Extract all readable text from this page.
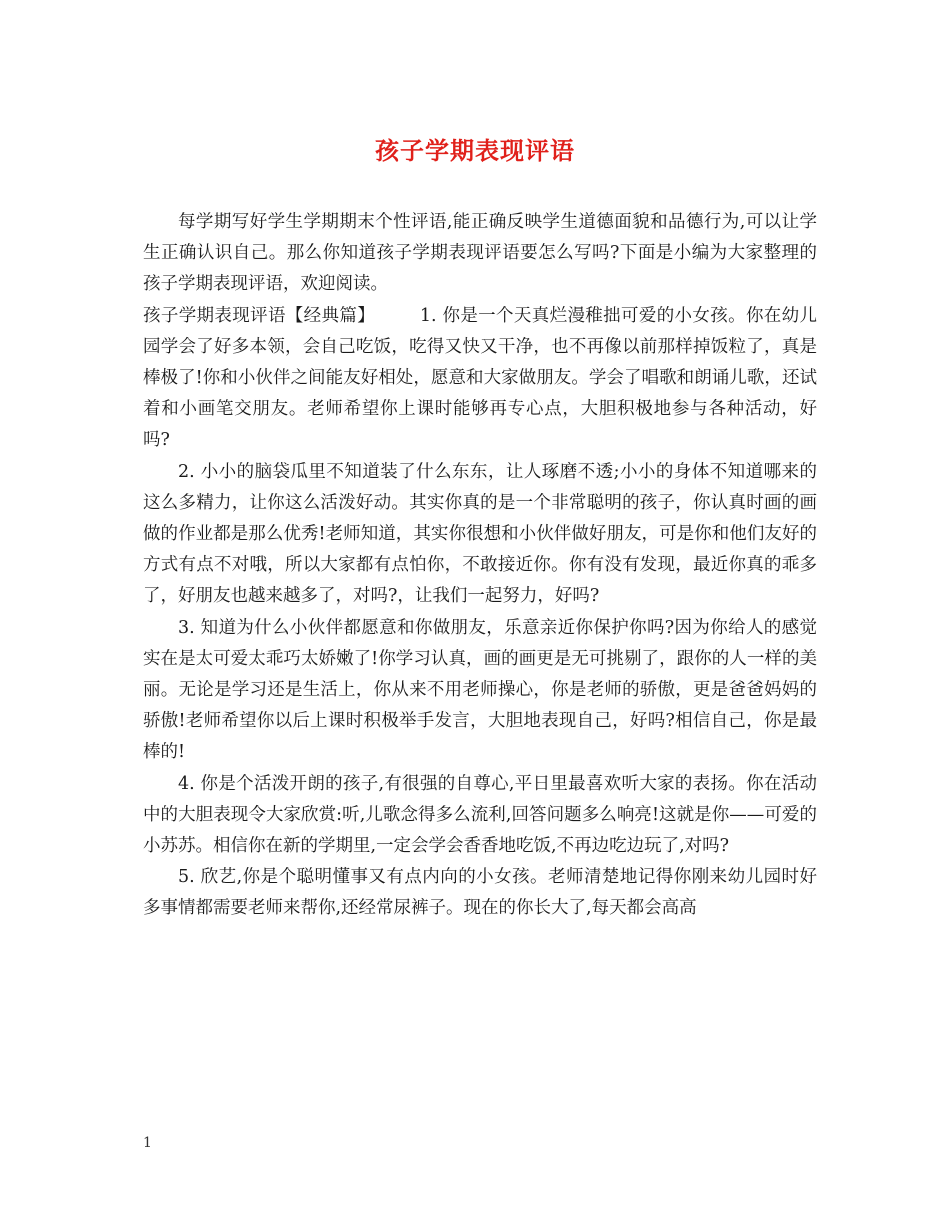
孩子学期表现评语

每学期写好学生学期期末个性评语,能正确反映学生道德面貌和品德行为,可以让学生正确认识自己。那么你知道孩子学期表现评语要怎么写吗?下面是小编为大家整理的孩子学期表现评语，欢迎阅读。

孩子学期表现评语【经典篇】　　　	1. 你是一个天真烂漫稚拙可爱的小女孩。你在幼儿园学会了好多本领，会自己吃饭，吃得又快又干净，也不再像以前那样掉饭粒了，真是棒极了!你和小伙伴之间能友好相处，愿意和大家做朋友。学会了唱歌和朗诵儿歌，还试着和小画笔交朋友。老师希望你上课时能够再专心点，大胆积极地参与各种活动，好吗?

2. 小小的脑袋瓜里不知道装了什么东东，让人琢磨不透;小小的身体不知道哪来的这么多精力，让你这么活泼好动。其实你真的是一个非常聪明的孩子，你认真时画的画做的作业都是那么优秀!老师知道，其实你很想和小伙伴做好朋友，可是你和他们友好的方式有点不对哦，所以大家都有点怕你，不敢接近你。你有没有发现，最近你真的乖多了，好朋友也越来越多了，对吗?，让我们一起努力，好吗?

3. 知道为什么小伙伴都愿意和你做朋友，乐意亲近你保护你吗?因为你给人的感觉实在是太可爱太乖巧太娇嫩了!你学习认真，画的画更是无可挑剔了，跟你的人一样的美丽。无论是学习还是生活上，你从来不用老师操心，你是老师的骄傲，更是爸爸妈妈的骄傲!老师希望你以后上课时积极举手发言，大胆地表现自己，好吗?相信自己，你是最棒的!

4. 你是个活泼开朗的孩子,有很强的自尊心,平日里最喜欢听大家的表扬。你在活动中的大胆表现令大家欣赏:听,儿歌念得多么流利,回答问题多么响亮!这就是你——可爱的小苏苏。相信你在新的学期里,一定会学会香香地吃饭,不再边吃边玩了,对吗?

5. 欣艺,你是个聪明懂事又有点内向的小女孩。老师清楚地记得你刚来幼儿园时好多事情都需要老师来帮你,还经常尿裤子。现在的你长大了,每天都会高高

1
